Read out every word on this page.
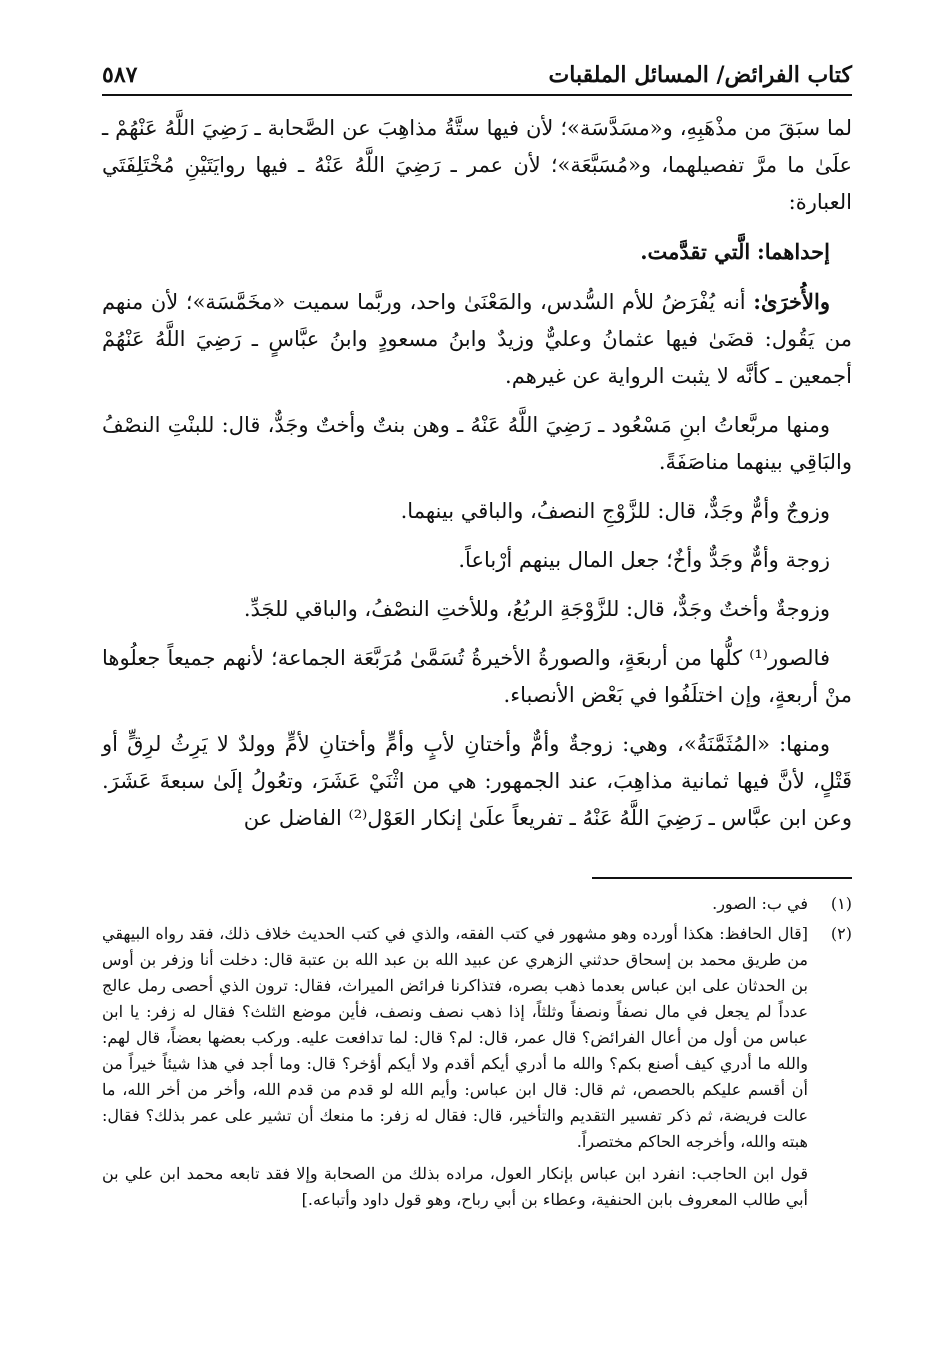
كتاب الفرائض/ المسائل الملقبات
٥٨٧

لما سبَقَ من مذْهَبِهِ، و«مسَدَّسَة»؛ لأن فيها ستَّةُ مذاهِبَ عن الصَّحابة ـ رَضِيَ اللَّهُ عَنْهُمْ ـ علَىٰ ما مرَّ تفصيلهما، و«مُسَبَّعَة»؛ لأن عمر ـ رَضِيَ اللَّهُ عَنْهُ ـ فيها روايَتَيْنِ مُخْتَلِفَتَي العبارة:

إحداهما: الَّتي تقدَّمت.

والأُخرَىٰ: أنه يُفْرَضُ للأم السُّدس، والمَعْنَىٰ واحد، وربَّما سميت «مخَمَّسَة»؛ لأن منهم من يَقُول: قضَىٰ فيها عثمانُ وعليٌّ وزيدٌ وابنُ مسعودٍ وابنُ عبَّاسٍ ـ رَضِيَ اللَّهُ عَنْهُمْ أجمعين ـ كأنَّه لا يثبت الرواية عن غيرهم.

ومنها مربَّعاتُ ابنِ مَسْعُود ـ رَضِيَ اللَّهُ عَنْهُ ـ وهن بنتٌ وأختٌ وجَدٌّ، قال: للبنْتِ النصْفُ والبَاقِي بينهما مناصَفَةً.

وزوجٌ وأمٌّ وجَدٌّ، قال: للزَّوْجِ النصفُ، والباقي بينهما.

زوجة وأمٌّ وجَدٌّ وأخٌ؛ جعل المال بينهم أرْباعاً.

وزوجةٌ وأختٌ وجَدٌّ، قال: للزَّوْجَةِ الربُعُ، وللأختِ النصْفُ، والباقي للجَدِّ.

فالصور⁽¹⁾ كلُّها من أربعَةٍ، والصورةُ الأخيرةُ تُسَمَّىٰ مُرَبَّعَة الجماعة؛ لأنهم جميعاً جعلُوها منْ أربعةٍ، وإن اختلَفُوا في بَعْض الأنصباء.

ومنها: «المُثَمَّنَةُ»، وهي: زوجةٌ وأمٌّ وأختانِ لأبٍ وأمٍّ وأختانِ لأمٍّ وولدٌ لا يَرِثُ لرِقٍّ أو قَتْلٍ، لأنَّ فيها ثمانية مذاهِبَ، عند الجمهور: هي من اثْنَيْ عَشَرَ، وتعُولُ إلَىٰ سبعةَ عَشَرَ. وعن ابن عبَّاس ـ رَضِيَ اللَّهُ عَنْهُ ـ تفريعاً علَىٰ إنكار العَوْل⁽²⁾ الفاضل عن

(١)
في ب: الصور.
(٢)
[قال الحافظ: هكذا أورده وهو مشهور في كتب الفقه، والذي في كتب الحديث خلاف ذلك، فقد رواه البيهقي من طريق محمد بن إسحاق حدثني الزهري عن عبيد الله بن عبد الله بن عتبة قال: دخلت أنا وزفر بن أوس بن الحدثان على ابن عباس بعدما ذهب بصره، فتذاكرنا فرائض الميراث، فقال: ترون الذي أحصى رمل عالج عدداً لم يجعل في مال نصفاً ونصفاً وثلثاً، إذا ذهب نصف ونصف، فأين موضع الثلث؟ فقال له زفر: يا ابن عباس من أول من أعال الفرائض؟ قال عمر، قال: لم؟ قال: لما تدافعت عليه. وركب بعضها بعضاً، قال لهم: والله ما أدري كيف أصنع بكم؟ والله ما أدري أيكم أقدم ولا أيكم أؤخر؟ قال: وما أجد في هذا شيئاً خيراً من أن أقسم عليكم بالحصص، ثم قال: قال ابن عباس: وأيم الله لو قدم من قدم الله، وأخر من أخر الله، ما عالت فريضة، ثم ذكر تفسير التقديم والتأخير، قال: فقال له زفر: ما منعك أن تشير على عمر بذلك؟ فقال: هبته والله، وأخرجه الحاكم مختصراً.
قول ابن الحاجب: انفرد ابن عباس بإنكار العول، مراده بذلك من الصحابة وإلا فقد تابعه محمد ابن علي بن أبي طالب المعروف بابن الحنفية، وعطاء بن أبي رباح، وهو قول داود وأتباعه.]
